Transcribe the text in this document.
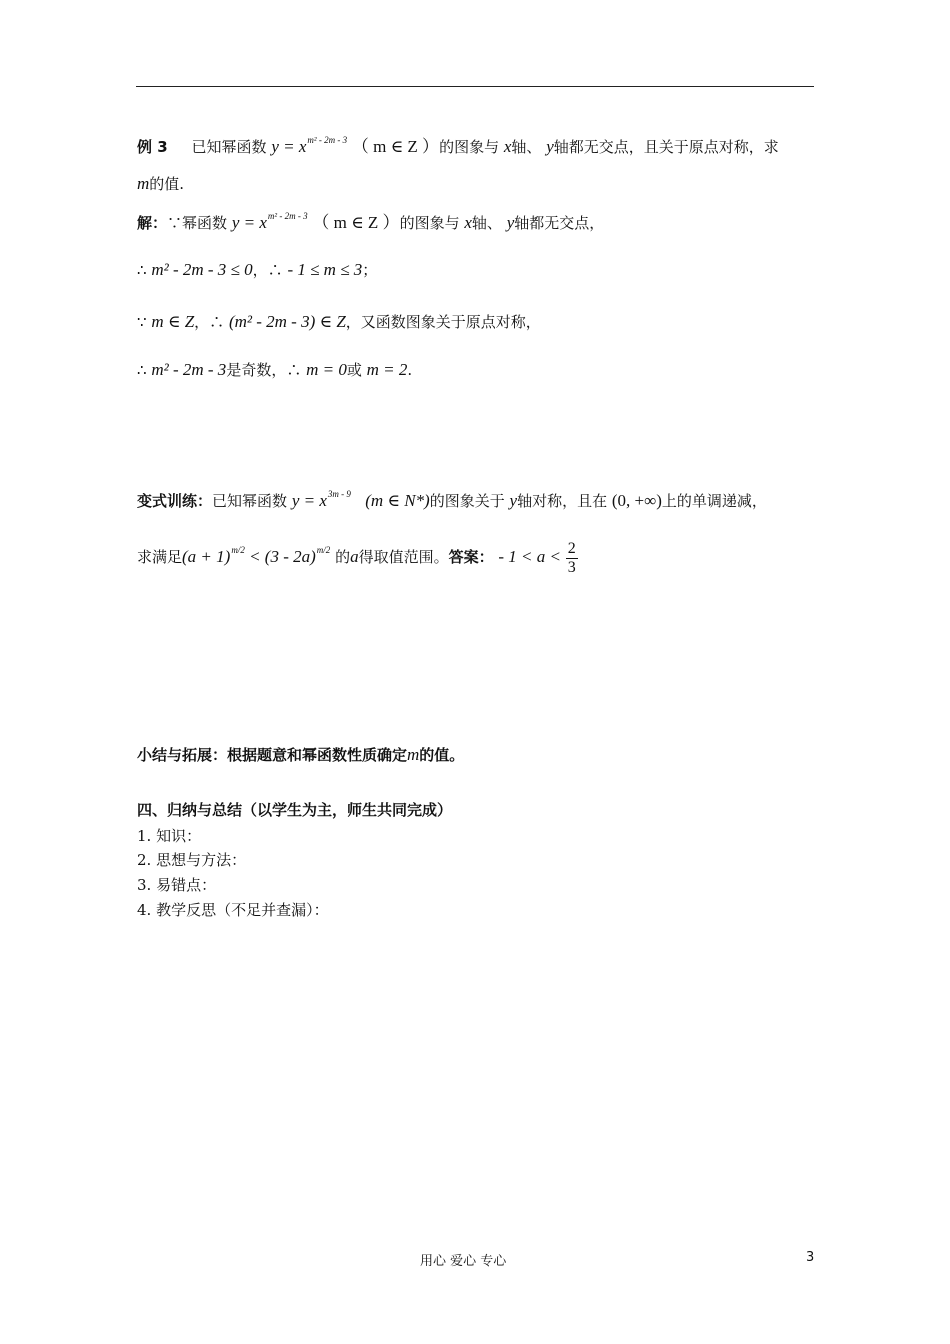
例 3 已知幂函数 $y = x^{m^2 - 2m - 3}$ （ m ∈ Z ）的图象与 x轴、 y轴都无交点，且关于原点对称，求
m的值.
解：∵幂函数 $y = x^{m^2 - 2m - 3}$ （ m ∈ Z ）的图象与 x轴、 y轴都无交点，
∴ m² - 2m - 3 ≤ 0，∴ - 1 ≤ m ≤ 3；
∵ m ∈ Z，∴ (m² - 2m - 3) ∈ Z，又函数图象关于原点对称，
∴ m² - 2m - 3是奇数，∴ m = 0或 m = 2.
变式训练：已知幂函数 $y = x^{3m - 9}$ (m ∈ N*)的图象关于 y轴对称，且在 (0, +∞)上的单调递减，
求满足$(a + 1)^{m/2} < (3 - 2a)^{m/2}$ 的a得取值范围。答案： - $1 < a < \frac{2}{3}$
小结与拓展：根据题意和幂函数性质确定m的值。
四、归纳与总结（以学生为主，师生共同完成）
1. 知识：
2. 思想与方法：
3. 易错点：
4. 教学反思（不足并查漏）：
用心 爱心 专心	3
